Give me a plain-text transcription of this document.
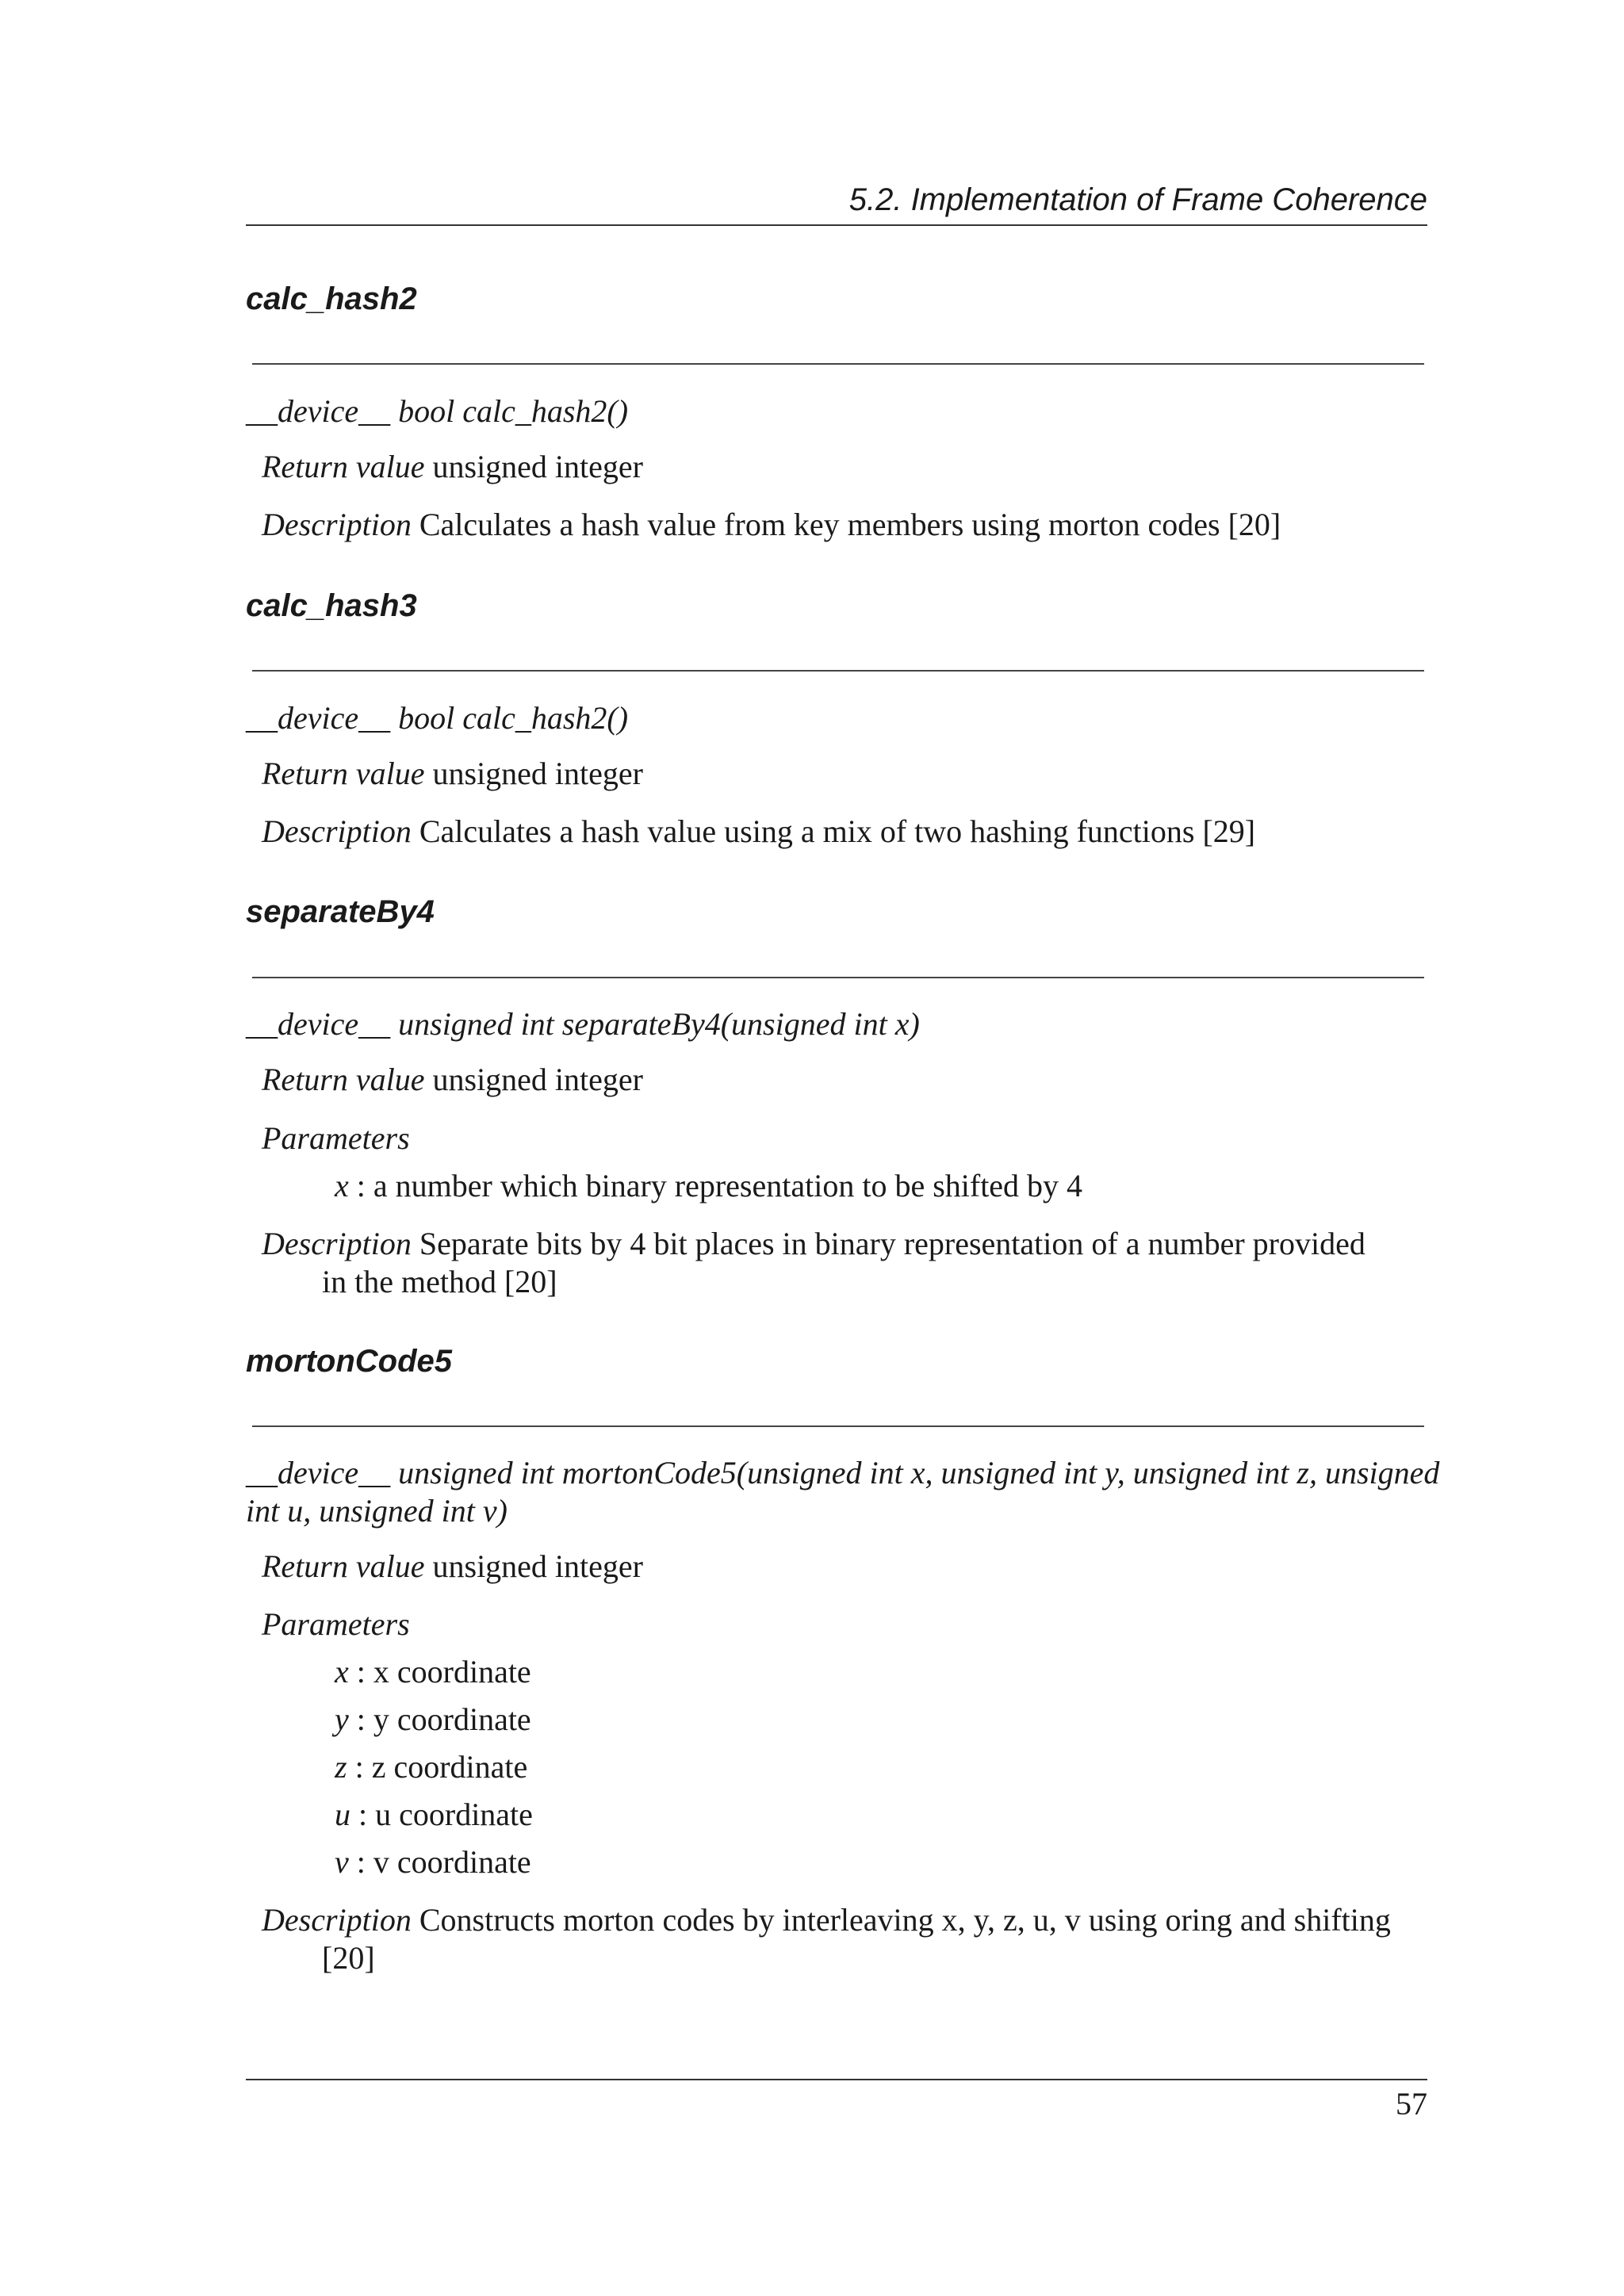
5.2. Implementation of Frame Coherence
calc_hash2
__device__ bool calc_hash2()
Return value unsigned integer
Description Calculates a hash value from key members using morton codes [20]
calc_hash3
__device__ bool calc_hash2()
Return value unsigned integer
Description Calculates a hash value using a mix of two hashing functions [29]
separateBy4
__device__ unsigned int separateBy4(unsigned int x)
Return value unsigned integer
Parameters
x : a number which binary representation to be shifted by 4
Description Separate bits by 4 bit places in binary representation of a number provided
in the method [20]
mortonCode5
__device__ unsigned int mortonCode5(unsigned int x, unsigned int y, unsigned int z, unsigned
int u, unsigned int v)
Return value unsigned integer
Parameters
x : x coordinate
y : y coordinate
z : z coordinate
u : u coordinate
v : v coordinate
Description Constructs morton codes by interleaving x, y, z, u, v using oring and shifting
[20]
57
